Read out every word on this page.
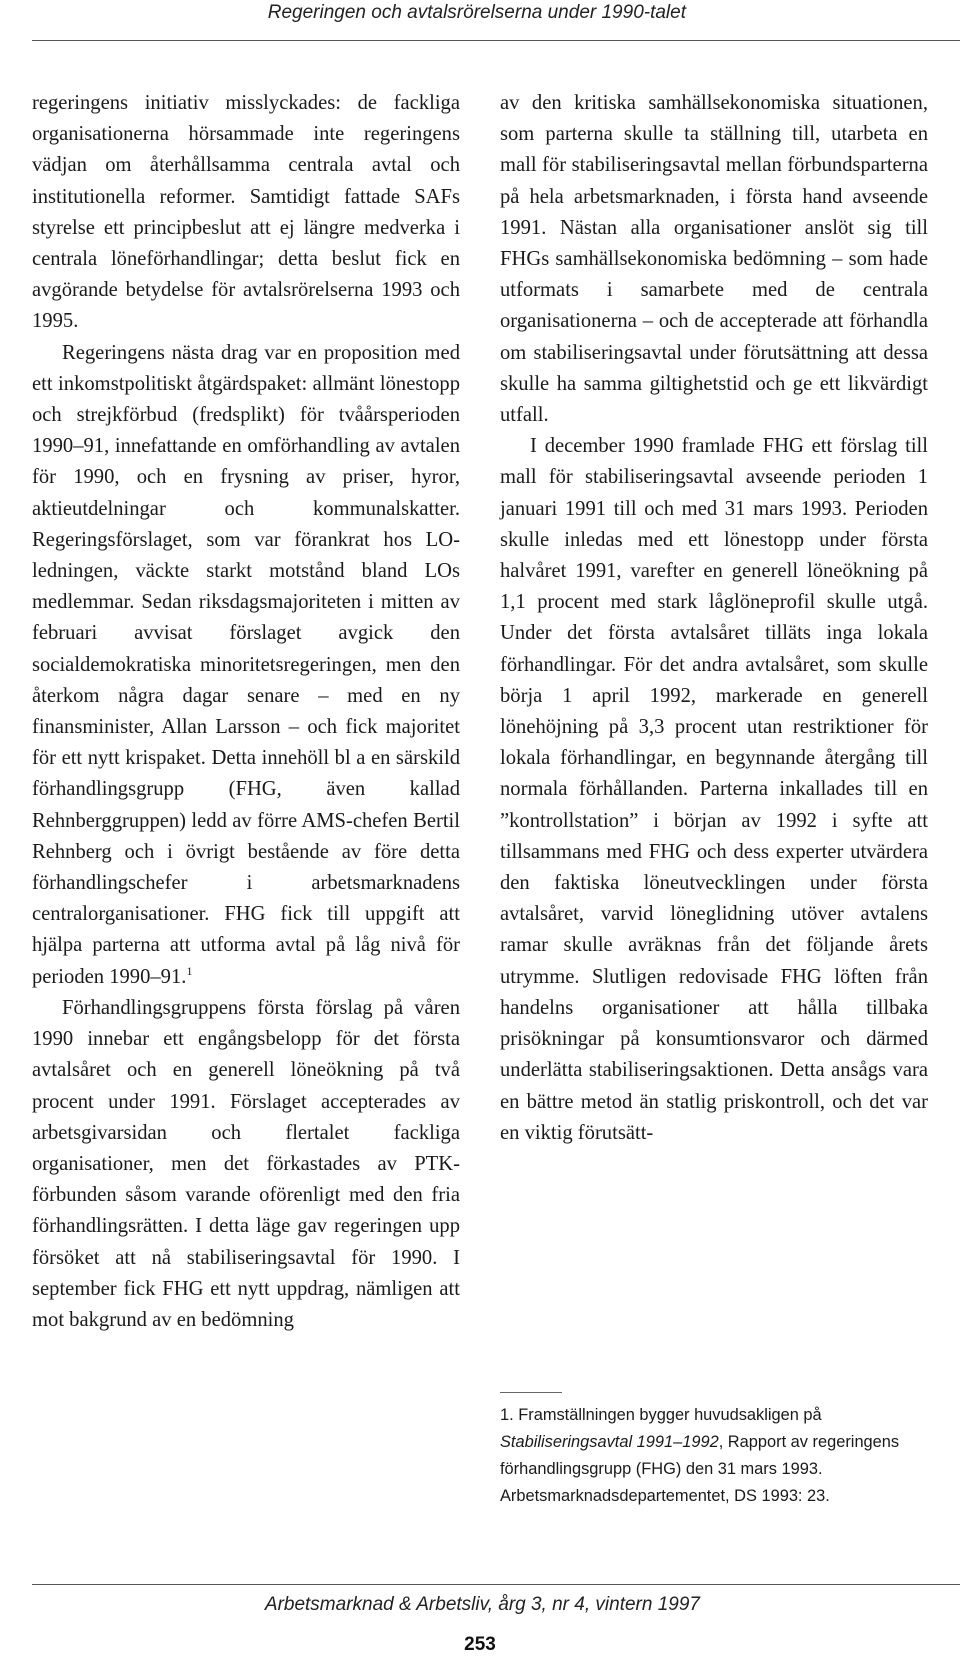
Regeringen och avtalsrörelserna under 1990-talet

regeringens initiativ misslyckades: de fackliga organisationerna hörsammade inte regeringens vädjan om återhållsamma centrala avtal och institutionella reformer. Samtidigt fattade SAFs styrelse ett principbeslut att ej längre medverka i centrala löneförhandlingar; detta beslut fick en avgörande betydelse för avtalsrörelserna 1993 och 1995.

Regeringens nästa drag var en proposition med ett inkomstpolitiskt åtgärdspaket: allmänt lönestopp och strejkförbud (fredsplikt) för tvåårsperioden 1990–91, innefattande en omförhandling av avtalen för 1990, och en frysning av priser, hyror, aktieutdelningar och kommunalskatter. Regeringsförslaget, som var förankrat hos LO-ledningen, väckte starkt motstånd bland LOs medlemmar. Sedan riksdagsmajoriteten i mitten av februari avvisat förslaget avgick den socialdemokratiska minoritetsregeringen, men den återkom några dagar senare – med en ny finansminister, Allan Larsson – och fick majoritet för ett nytt krispaket. Detta innehöll bl a en särskild förhandlingsgrupp (FHG, även kallad Rehnberggruppen) ledd av förre AMS-chefen Bertil Rehnberg och i övrigt bestående av före detta förhandlingschefer i arbetsmarknadens centralorganisationer. FHG fick till uppgift att hjälpa parterna att utforma avtal på låg nivå för perioden 1990–91.$^1$

Förhandlingsgruppens första förslag på våren 1990 innebar ett engångsbelopp för det första avtalsåret och en generell löneökning på två procent under 1991. Förslaget accepterades av arbetsgivarsidan och flertalet fackliga organisationer, men det förkastades av PTK-förbunden såsom varande oförenligt med den fria förhandlingsrätten. I detta läge gav regeringen upp försöket att nå stabiliseringsavtal för 1990. I september fick FHG ett nytt uppdrag, nämligen att mot bakgrund av en bedömning

av den kritiska samhällsekonomiska situationen, som parterna skulle ta ställning till, utarbeta en mall för stabiliseringsavtal mellan förbundsparterna på hela arbetsmarknaden, i första hand avseende 1991. Nästan alla organisationer anslöt sig till FHGs samhällsekonomiska bedömning – som hade utformats i samarbete med de centrala organisationerna – och de accepterade att förhandla om stabiliseringsavtal under förutsättning att dessa skulle ha samma giltighetstid och ge ett likvärdigt utfall.

I december 1990 framlade FHG ett förslag till mall för stabiliseringsavtal avseende perioden 1 januari 1991 till och med 31 mars 1993. Perioden skulle inledas med ett lönestopp under första halvåret 1991, varefter en generell löneökning på 1,1 procent med stark låglöneprofil skulle utgå. Under det första avtalsåret tilläts inga lokala förhandlingar. För det andra avtalsåret, som skulle börja 1 april 1992, markerade en generell lönehöjning på 3,3 procent utan restriktioner för lokala förhandlingar, en begynnande återgång till normala förhållanden. Parterna inkallades till en ”kontrollstation” i början av 1992 i syfte att tillsammans med FHG och dess experter utvärdera den faktiska löneutvecklingen under första avtalsåret, varvid löneglidning utöver avtalens ramar skulle avräknas från det följande årets utrymme. Slutligen redovisade FHG löften från handelns organisationer att hålla tillbaka prisökningar på konsumtionsvaror och därmed underlätta stabiliseringsaktionen. Detta ansågs vara en bättre metod än statlig priskontroll, och det var en viktig förutsätt-

1. Framställningen bygger huvudsakligen på Stabiliseringsavtal 1991–1992, Rapport av regeringens förhandlingsgrupp (FHG) den 31 mars 1993. Arbetsmarknadsdepartementet, DS 1993: 23.
Arbetsmarknad & Arbetsliv, årg 3, nr 4, vintern 1997
253
